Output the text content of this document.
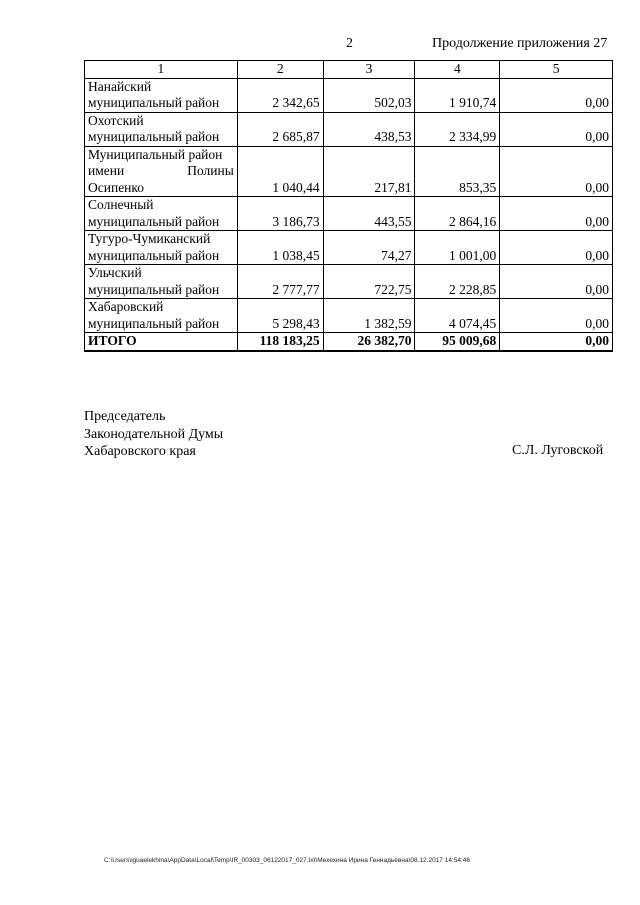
2	Продолжение приложения 27
1	2	3	4	5

Нанайский
муниципальный район	2 342,65	502,03	1 910,74	0,00

Охотский
муниципальный район	2 685,87	438,53	2 334,99	0,00

Муниципальный район
имени Полины
Осипенко	1 040,44	217,81	853,35	0,00

Солнечный
муниципальный район	3 186,73	443,55	2 864,16	0,00

Тугуро-Чумиканский
муниципальный район	1 038,45	74,27	1 001,00	0,00

Ульчский
муниципальный район	2 777,77	722,75	2 228,85	0,00

Хабаровский
муниципальный район	5 298,43	1 382,59	4 074,45	0,00
ИТОГО	118 183,25	26 382,70	95 009,68	0,00
Председатель
Законодательной Думы
Хабаровского края	С.Л. Луговской
C:\Users\iguaelekhina\AppData\Local\Temp\IR_00303_06122017_027.txt\Мехехина Ирина Геннадьевна\08.12.2017 14:54:46
